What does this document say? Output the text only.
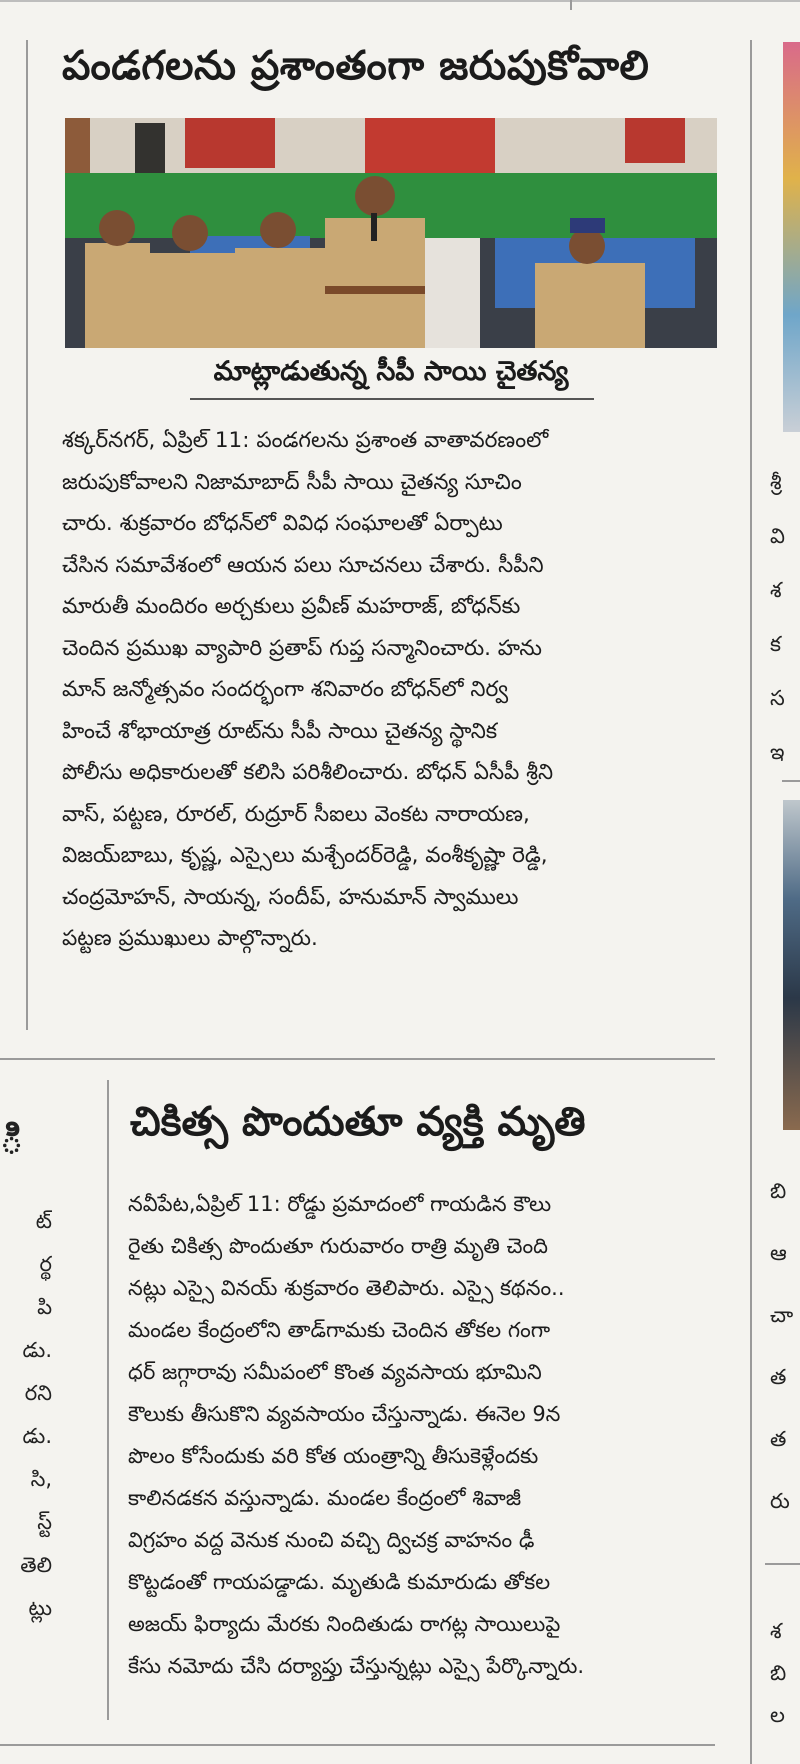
పండగలను ప్రశాంతంగా జరుపుకోవాలి
మాట్లాడుతున్న సీపీ సాయి చైతన్య
శక్కర్‌నగర్, ఏప్రిల్ 11: పండగలను ప్రశాంత వాతావరణంలో
జరుపుకోవాలని నిజామాబాద్ సీపీ సాయి చైతన్య సూచిం
చారు. శుక్రవారం బోధన్‌లో వివిధ సంఘాలతో ఏర్పాటు
చేసిన సమావేశంలో ఆయన పలు సూచనలు చేశారు. సీపీని
మారుతీ మందిరం అర్చకులు ప్రవీణ్ మహరాజ్, బోధన్‌కు
చెందిన ప్రముఖ వ్యాపారి ప్రతాప్ గుప్త సన్మానించారు. హను
మాన్ జన్మోత్సవం సందర్భంగా శనివారం బోధన్‌లో నిర్వ
హించే శోభాయాత్ర రూట్‌ను సీపీ సాయి చైతన్య స్థానిక
పోలీసు అధికారులతో కలిసి పరిశీలించారు. బోధన్ ఏసీపీ శ్రీని
వాస్, పట్టణ, రూరల్, రుద్రూర్ సీఐలు వెంకట నారాయణ,
విజయ్‌బాబు, కృష్ణ, ఎస్సైలు మశ్చేందర్‌రెడ్డి, వంశీకృష్ణా రెడ్డి,
చంద్రమోహన్, సాయన్న, సందీప్, హనుమాన్ స్వాములు
పట్టణ ప్రముఖులు పాల్గొన్నారు.
చికిత్స పొందుతూ వ్యక్తి మృతి
నవీపేట,ఏప్రిల్ 11: రోడ్డు ప్రమాదంలో గాయడిన కౌలు
రైతు చికిత్స పొందుతూ గురువారం రాత్రి మృతి చెంది
నట్లు ఎస్సై వినయ్ శుక్రవారం తెలిపారు. ఎస్సై కథనం..
మండల కేంద్రంలోని తాడ్‌గామకు చెందిన తోకల గంగా
ధర్ జగ్గారావు సమీపంలో కొంత వ్యవసాయ భూమిని
కౌలుకు తీసుకొని వ్యవసాయం చేస్తున్నాడు. ఈనెల 9న
పొలం కోసేందుకు వరి కోత యంత్రాన్ని తీసుకెళ్లేందకు
కాలినడకన వస్తున్నాడు. మండల కేంద్రంలో శివాజీ
విగ్రహం వద్ద వెనుక నుంచి వచ్చి ద్విచక్ర వాహనం ఢీ
కొట్టడంతో గాయపడ్డాడు. మృతుడి కుమారుడు తోకల
అజయ్ ఫిర్యాదు మేరకు నిందితుడు రాగట్ల సాయిలుపై
కేసు నమోదు చేసి దర్యాప్తు చేస్తున్నట్లు ఎస్సై పేర్కొన్నారు.
ి
ట్
ర్థ
పి
డు.
రని
డు.
సి,
స్ట్
తెలి
ట్లు
శ్రీ
వి
శ
క
స
ఇ
బి
ఆ
చా
త
త
రు
శ
బి
ల
